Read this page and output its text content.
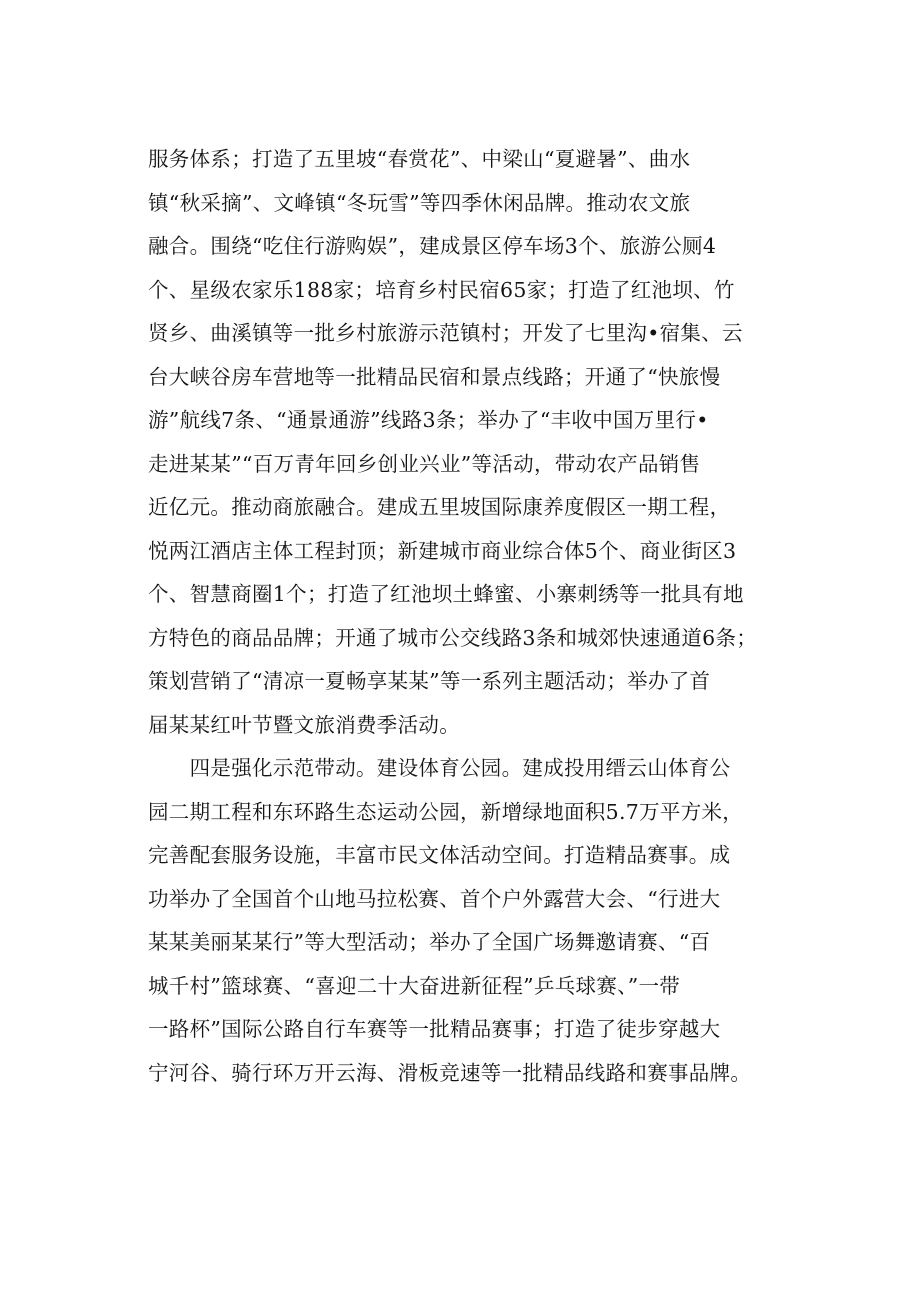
服务体系；打造了五里坡“春赏花”、中梁山“夏避暑”、曲水
镇“秋采摘”、文峰镇“冬玩雪”等四季休闲品牌。推动农文旅
融合。围绕“吃住行游购娱”，建成景区停车场3个、旅游公厕4
个、星级农家乐188家；培育乡村民宿65家；打造了红池坝、竹
贤乡、曲溪镇等一批乡村旅游示范镇村；开发了七里沟•宿集、云
台大峡谷房车营地等一批精品民宿和景点线路；开通了“快旅慢
游”航线7条、“通景通游”线路3条；举办了“丰收中国万里行•
走进某某”“百万青年回乡创业兴业”等活动，带动农产品销售
近亿元。推动商旅融合。建成五里坡国际康养度假区一期工程，
悦两江酒店主体工程封顶；新建城市商业综合体5个、商业街区3
个、智慧商圈1个；打造了红池坝土蜂蜜、小寨刺绣等一批具有地
方特色的商品品牌；开通了城市公交线路3条和城郊快速通道6条；
策划营销了“清凉一夏畅享某某”等一系列主题活动；举办了首
届某某红叶节暨文旅消费季活动。
　　四是强化示范带动。建设体育公园。建成投用缙云山体育公
园二期工程和东环路生态运动公园，新增绿地面积5.7万平方米，
完善配套服务设施，丰富市民文体活动空间。打造精品赛事。成
功举办了全国首个山地马拉松赛、首个户外露营大会、“行进大
某某美丽某某行”等大型活动；举办了全国广场舞邀请赛、“百
城千村”篮球赛、“喜迎二十大奋进新征程”乒乓球赛、”一带
一路杯”国际公路自行车赛等一批精品赛事；打造了徒步穿越大
宁河谷、骑行环万开云海、滑板竞速等一批精品线路和赛事品牌。
